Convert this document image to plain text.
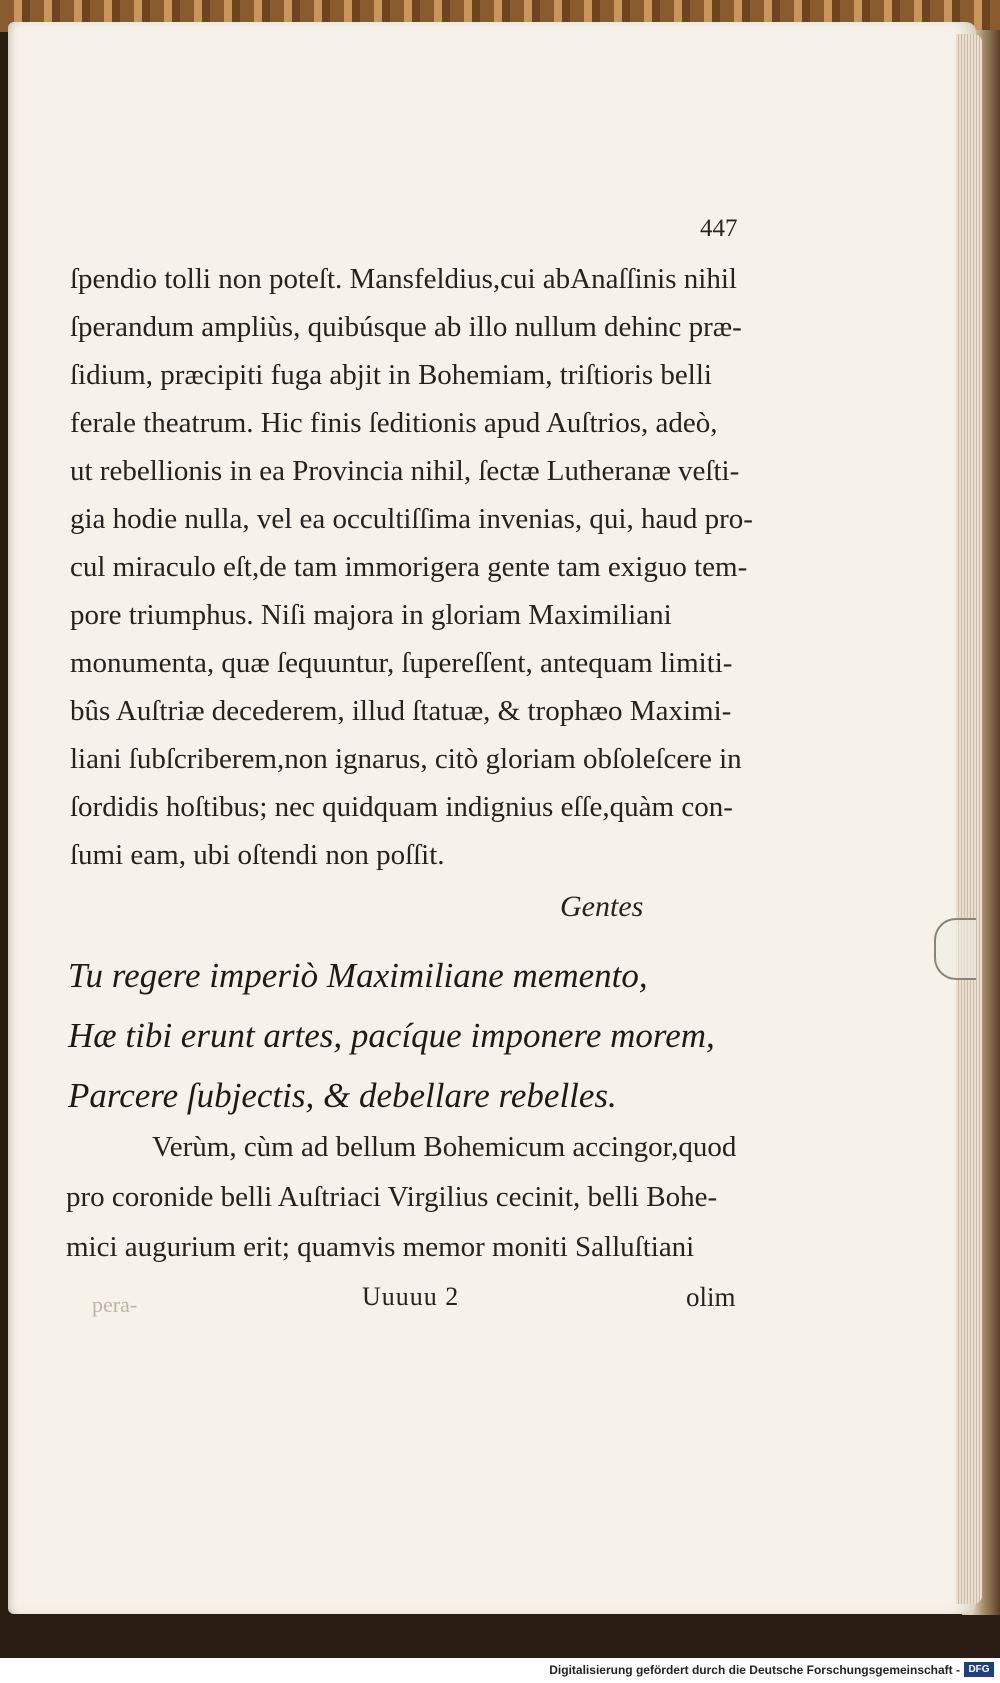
447
ſpendio tolli non poteſt. Mansfeldius,cui abAnaſſinis nihil
ſperandum ampliùs, quibúsque ab illo nullum dehinc præ-
ſidium, præcipiti fuga abjit in Bohemiam, triſtioris belli
ferale theatrum. Hic finis ſeditionis apud Auſtrios, adeò,
ut rebellionis in ea Provincia nihil, ſectæ Lutheranæ veſti-
gia hodie nulla, vel ea occultiſſima invenias, qui, haud pro-
cul miraculo eſt,de tam immorigera gente tam exiguo tem-
pore triumphus. Niſi majora in gloriam Maximiliani
monumenta, quæ ſequuntur, ſupereſſent, antequam limiti-
bûs Auſtriæ decederem, illud ſtatuæ, & trophæo Maximi-
liani ſubſcriberem,non ignarus, citò gloriam obſoleſcere in
ſordidis hoſtibus; nec quidquam indignius eſſe,quàm con-
ſumi eam, ubi oſtendi non poſſit.
Gentes
Tu regere imperiò Maximiliane memento,
Hæ tibi erunt artes, pacíque imponere morem,
Parcere ſubjectis, & debellare rebelles.
Verùm, cùm ad bellum Bohemicum accingor,quod
pro coronide belli Auſtriaci Virgilius cecinit, belli Bohe-
mici augurium erit; quamvis memor moniti Salluſtiani
pera-	Uuuuu 2	olim
Digitalisierung gefördert durch die Deutsche Forschungsgemeinschaft - DFG
